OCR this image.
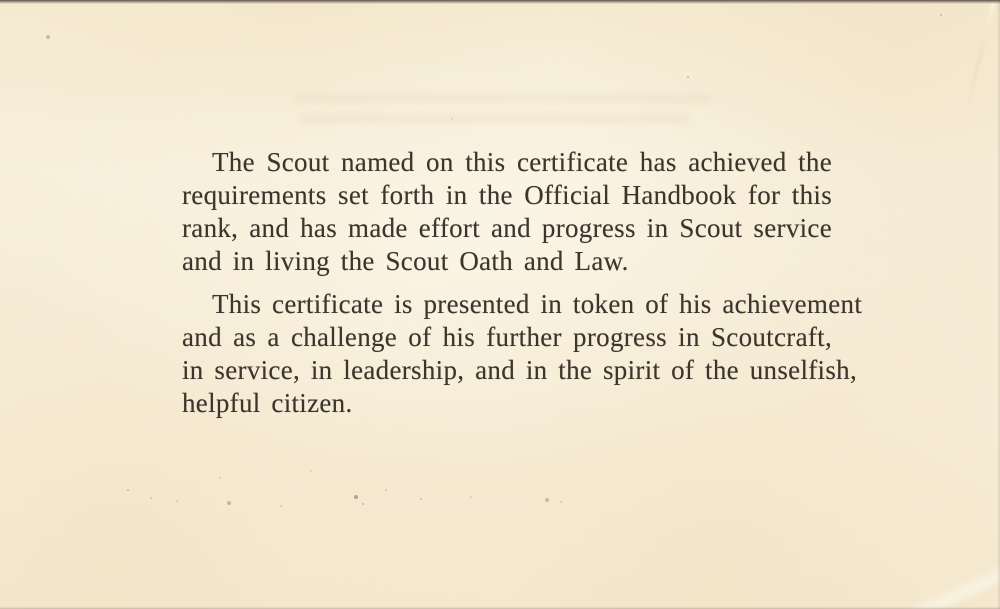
The Scout named on this certificate has achieved the
requirements set forth in the Official Handbook for this
rank, and has made effort and progress in Scout service
and in living the Scout Oath and Law.
This certificate is presented in token of his achievement
and as a challenge of his further progress in Scoutcraft,
in service, in leadership, and in the spirit of the unselfish,
helpful citizen.
